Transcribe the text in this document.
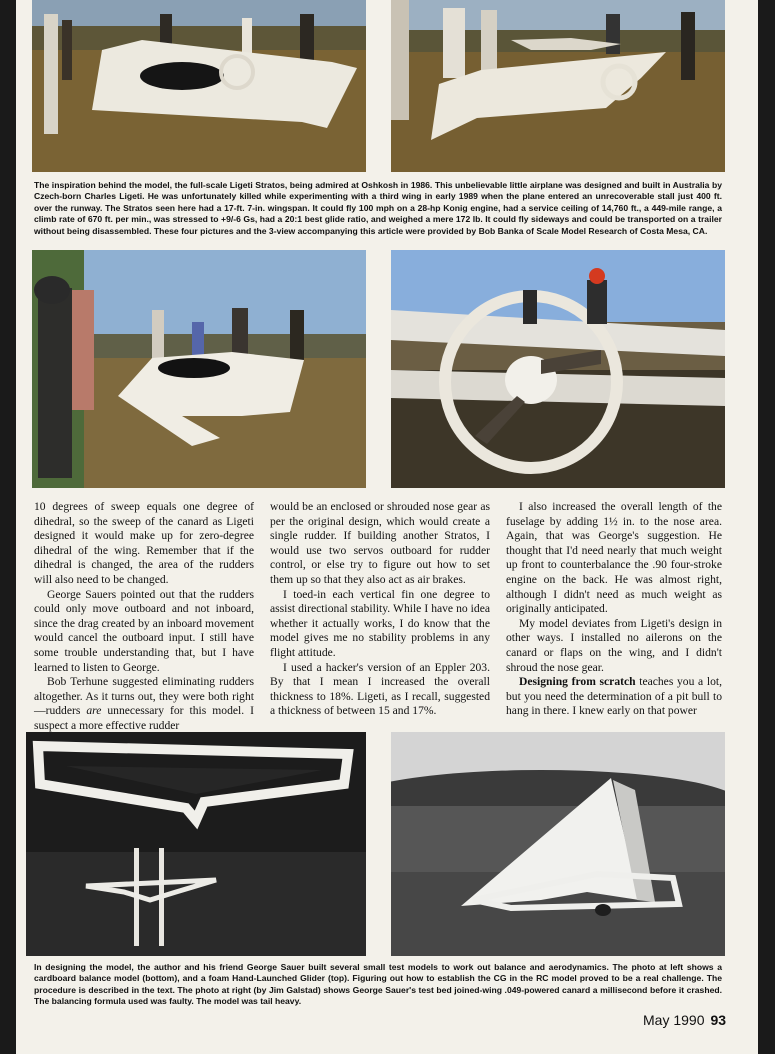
The inspiration behind the model, the full-scale Ligeti Stratos, being admired at Oshkosh in 1986. This unbelievable little airplane was designed and built in Australia by Czech-born Charles Ligeti. He was unfortunately killed while experimenting with a third wing in early 1989 when the plane entered an unrecoverable stall just 400 ft. over the runway. The Stratos seen here had a 17-ft. 7-in. wingspan. It could fly 100 mph on a 28-hp Konig engine, had a service ceiling of 14,760 ft., a 449-mile range, a climb rate of 670 ft. per min., was stressed to +9/-6 Gs, had a 20:1 best glide ratio, and weighed a mere 172 lb. It could fly sideways and could be transported on a trailer without being disassembled. These four pictures and the 3-view accompanying this article were provided by Bob Banka of Scale Model Research of Costa Mesa, CA.

10 degrees of sweep equals one degree of dihedral, so the sweep of the canard as Ligeti designed it would make up for zero-degree dihedral of the wing. Remember that if the dihedral is changed, the area of the rudders will also need to be changed.

George Sauers pointed out that the rudders could only move outboard and not inboard, since the drag created by an inboard movement would cancel the outboard input. I still have some trouble understanding that, but I have learned to listen to George.

Bob Terhune suggested eliminating rudders altogether. As it turns out, they were both right—rudders are unnecessary for this model. I suspect a more effective rudder

would be an enclosed or shrouded nose gear as per the original design, which would create a single rudder. If building another Stratos, I would use two servos outboard for rudder control, or else try to figure out how to set them up so that they also act as air brakes.

I toed-in each vertical fin one degree to assist directional stability. While I have no idea whether it actually works, I do know that the model gives me no stability problems in any flight attitude.

I used a hacker's version of an Eppler 203. By that I mean I increased the overall thickness to 18%. Ligeti, as I recall, suggested a thickness of between 15 and 17%.

I also increased the overall length of the fuselage by adding 1½ in. to the nose area. Again, that was George's suggestion. He thought that I'd need nearly that much weight up front to counterbalance the .90 four-stroke engine on the back. He was almost right, although I didn't need as much weight as originally anticipated.

My model deviates from Ligeti's design in other ways. I installed no ailerons on the canard or flaps on the wing, and I didn't shroud the nose gear.

Designing from scratch teaches you a lot, but you need the determination of a pit bull to hang in there. I knew early on that power

In designing the model, the author and his friend George Sauer built several small test models to work out balance and aerodynamics. The photo at left shows a cardboard balance model (bottom), and a foam Hand-Launched Glider (top). Figuring out how to establish the CG in the RC model proved to be a real challenge. The procedure is described in the text. The photo at right (by Jim Galstad) shows George Sauer's test bed joined-wing .049-powered canard a millisecond before it crashed. The balancing formula used was faulty. The model was tail heavy.

May 1990 93
